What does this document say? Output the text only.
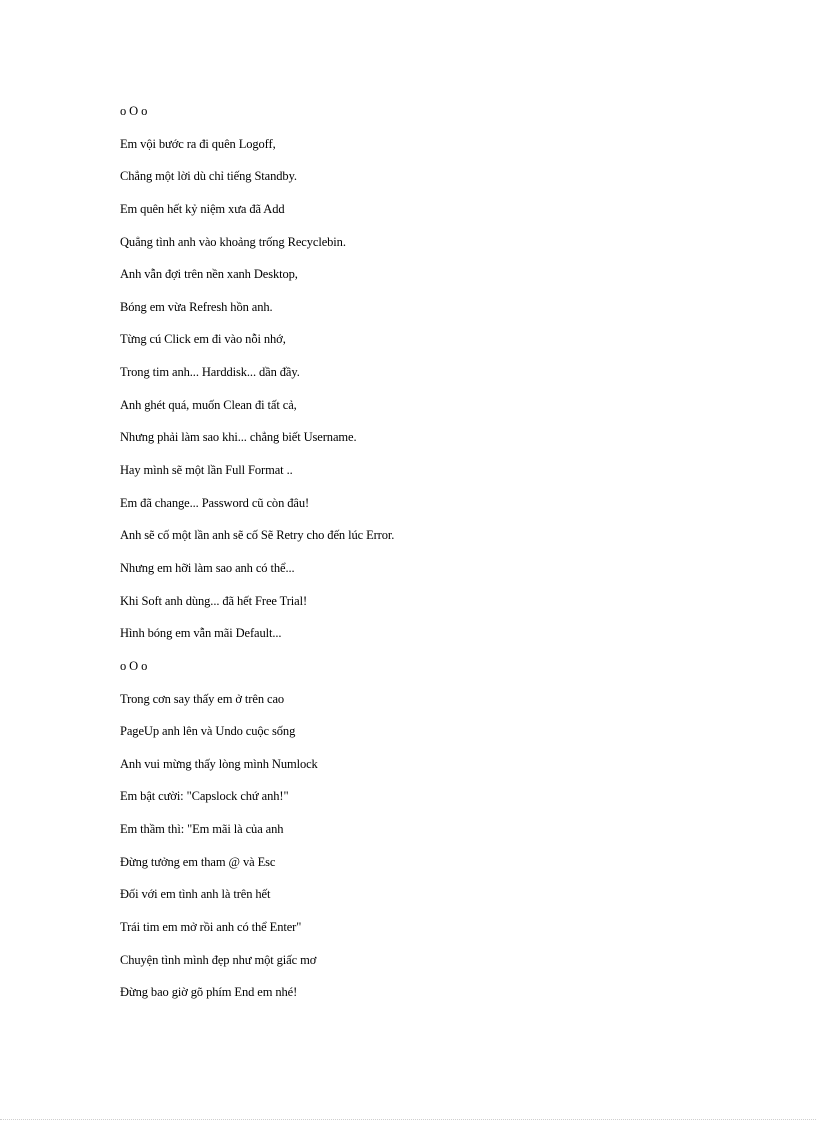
o O o
Em vội bước ra đi quên Logoff,
Chẳng một lời dù chỉ tiếng Standby.
Em quên hết kỷ niệm xưa đã Add
Quẳng tình anh vào khoảng trống Recyclebin.
Anh vẫn đợi trên nền xanh Desktop,
Bóng em vừa Refresh hồn anh.
Từng cú Click em đi vào nỗi nhớ,
Trong tim anh... Harddisk... dần đầy.
Anh ghét quá, muốn Clean đi tất cả,
Nhưng phải làm sao khi... chẳng biết Username.
Hay mình sẽ một lần Full Format ..
Em đã change... Password cũ còn đâu!
Anh sẽ cố một lần anh sẽ cố Sẽ Retry cho đến lúc Error.
Nhưng em hỡi làm sao anh có thể...
Khi Soft anh dùng... đã hết Free Trial!
Hình bóng em vẫn mãi Default...
o O o
Trong cơn say thấy em ở trên cao
PageUp anh lên và Undo cuộc sống
Anh vui mừng thấy lòng mình Numlock
Em bật cười: "Capslock chứ anh!"
Em thầm thì: "Em mãi là của anh
Đừng tưởng em tham @ và Esc
Đối với em tình anh là trên hết
Trái tim em mở rồi anh có thể Enter"
Chuyện tình mình đẹp như một giấc mơ
Đừng bao giờ gõ phím End em nhé!
